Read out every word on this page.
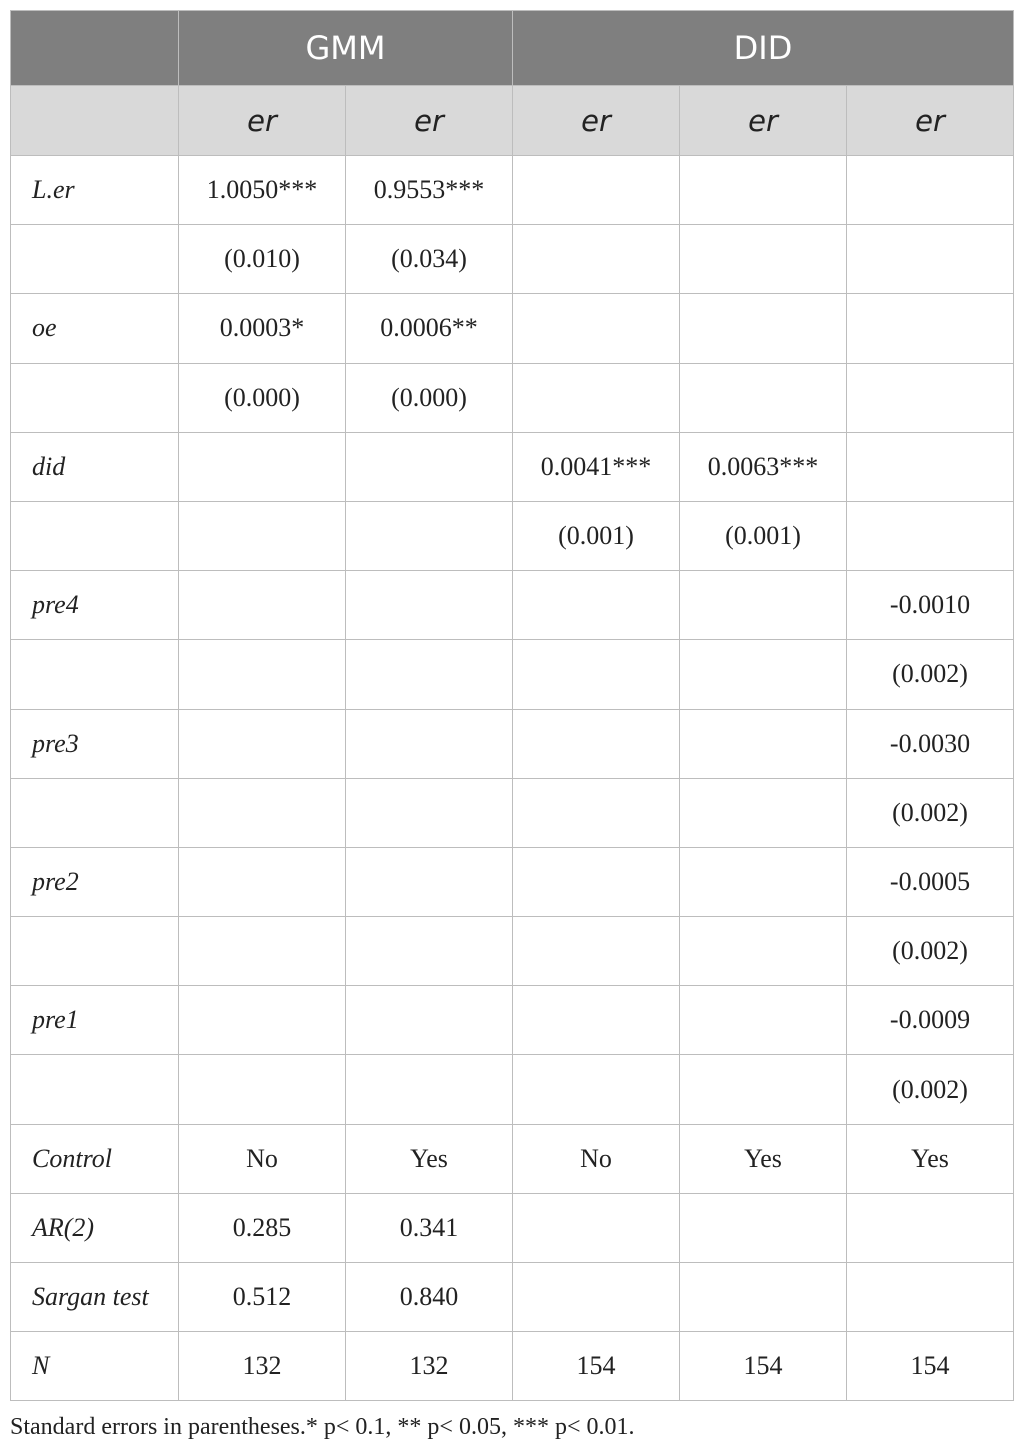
	GMM		DID		
	er	er	er	er	er
L.er	1.0050***	0.9553***			
	(0.010)	(0.034)			
oe	0.0003*	0.0006**			
	(0.000)	(0.000)			
did			0.0041***	0.0063***	
			(0.001)	(0.001)	
pre4					-0.0010
					(0.002)
pre3					-0.0030
					(0.002)
pre2					-0.0005
					(0.002)
pre1					-0.0009
					(0.002)
Control	No	Yes	No	Yes	Yes
AR(2)	0.285	0.341			
Sargan test	0.512	0.840			
N	132	132	154	154	154
Standard errors in parentheses.* p< 0.1, ** p< 0.05, *** p< 0.01.
